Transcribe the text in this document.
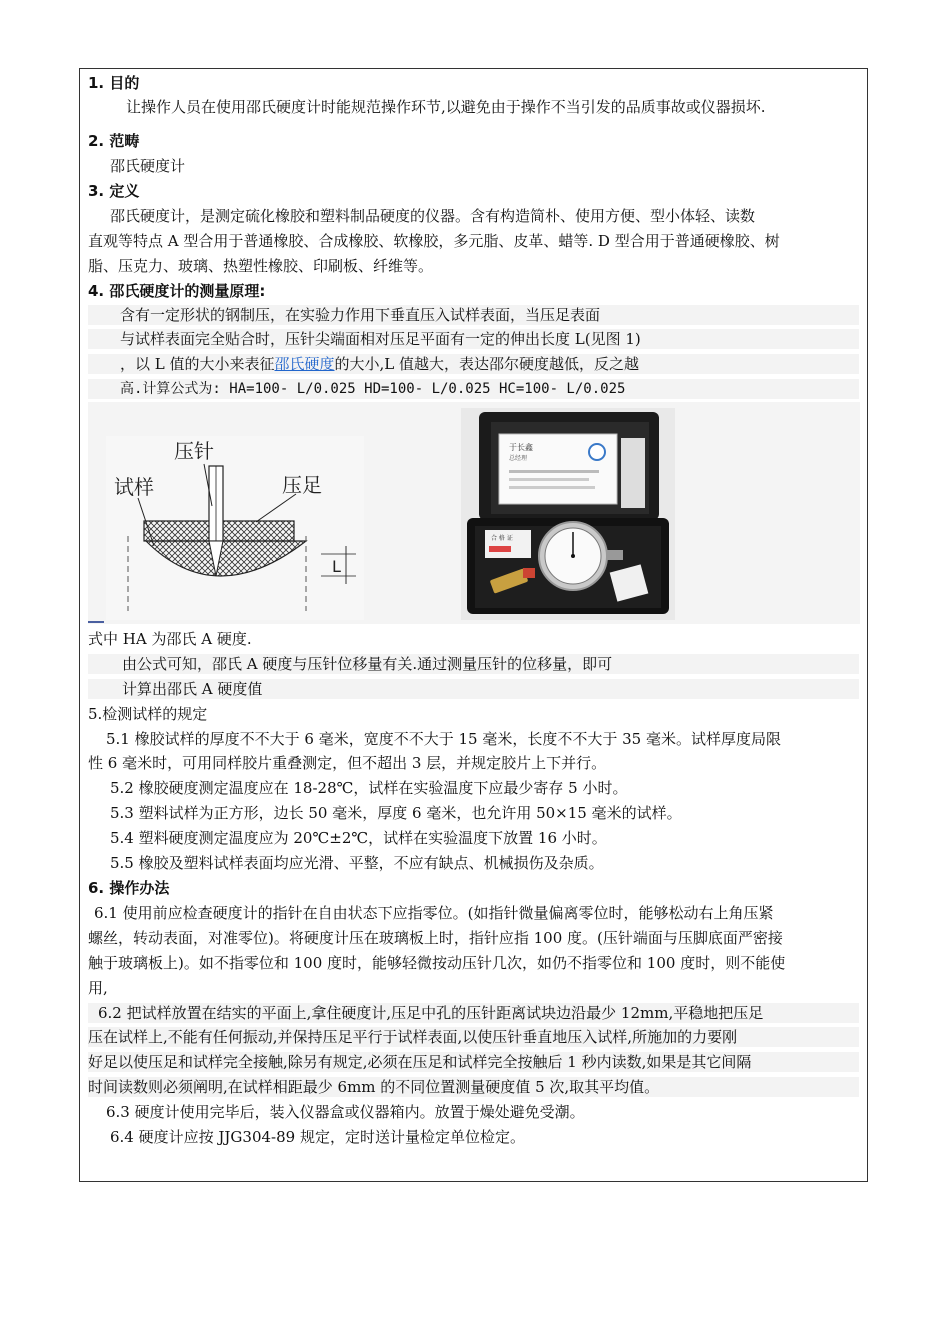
1. 目的
让操作人员在使用邵氏硬度计时能规范操作环节,以避免由于操作不当引发的品质事故或仪器损坏.
2. 范畴
邵氏硬度计
3. 定义
邵氏硬度计，是测定硫化橡胶和塑料制品硬度的仪器。含有构造简朴、使用方便、型小体轻、读数
直观等特点 A 型合用于普通橡胶、合成橡胶、软橡胶，多元脂、皮革、蜡等. D 型合用于普通硬橡胶、树
脂、压克力、玻璃、热塑性橡胶、印刷板、纤维等。
4. 邵氏硬度计的测量原理:
含有一定形状的钢制压，在实验力作用下垂直压入试样表面，当压足表面
与试样表面完全贴合时，压针尖端面相对压足平面有一定的伸出长度 L(见图 1)
，以 L 值的大小来表征邵氏硬度的大小,L 值越大，表达邵尔硬度越低，反之越
高.计算公式为: HA=100- L/0.025 HD=100- L/0.025 HC=100- L/0.025
压针
试样	压足
L
于长鑫
总经理
合 格 证
式中 HA 为邵氏 A 硬度.
由公式可知，邵氏 A 硬度与压针位移量有关.通过测量压针的位移量，即可
计算出邵氏 A 硬度值
5.检测试样的规定
5.1 橡胶试样的厚度不不大于 6 毫米，宽度不不大于 15 毫米，长度不不大于 35 毫米。试样厚度局限
性 6 毫米时，可用同样胶片重叠测定，但不超出 3 层，并规定胶片上下并行。
5.2 橡胶硬度测定温度应在 18-28℃，试样在实验温度下应最少寄存 5 小时。
5.3 塑料试样为正方形，边长 50 毫米，厚度 6 毫米，也允许用 50×15 毫米的试样。
5.4 塑料硬度测定温度应为 20℃±2℃，试样在实验温度下放置 16 小时。
5.5 橡胶及塑料试样表面均应光滑、平整，不应有缺点、机械损伤及杂质。
6. 操作办法
6.1 使用前应检查硬度计的指针在自由状态下应指零位。(如指针微量偏离零位时，能够松动右上角压紧
螺丝，转动表面，对准零位)。将硬度计压在玻璃板上时，指针应指 100 度。(压针端面与压脚底面严密接
触于玻璃板上)。如不指零位和 100 度时，能够轻微按动压针几次，如仍不指零位和 100 度时，则不能使
用,
6.2 把试样放置在结实的平面上,拿住硬度计,压足中孔的压针距离试块边沿最少 12mm,平稳地把压足
压在试样上,不能有任何振动,并保持压足平行于试样表面,以使压针垂直地压入试样,所施加的力要刚
好足以使压足和试样完全接触,除另有规定,必须在压足和试样完全按触后 1 秒内读数,如果是其它间隔
时间读数则必须阐明,在试样相距最少 6mm 的不同位置测量硬度值 5 次,取其平均值。
6.3 硬度计使用完毕后，装入仪器盒或仪器箱内。放置于燥处避免受潮。
6.4 硬度计应按 JJG304-89 规定，定时送计量检定单位检定。
